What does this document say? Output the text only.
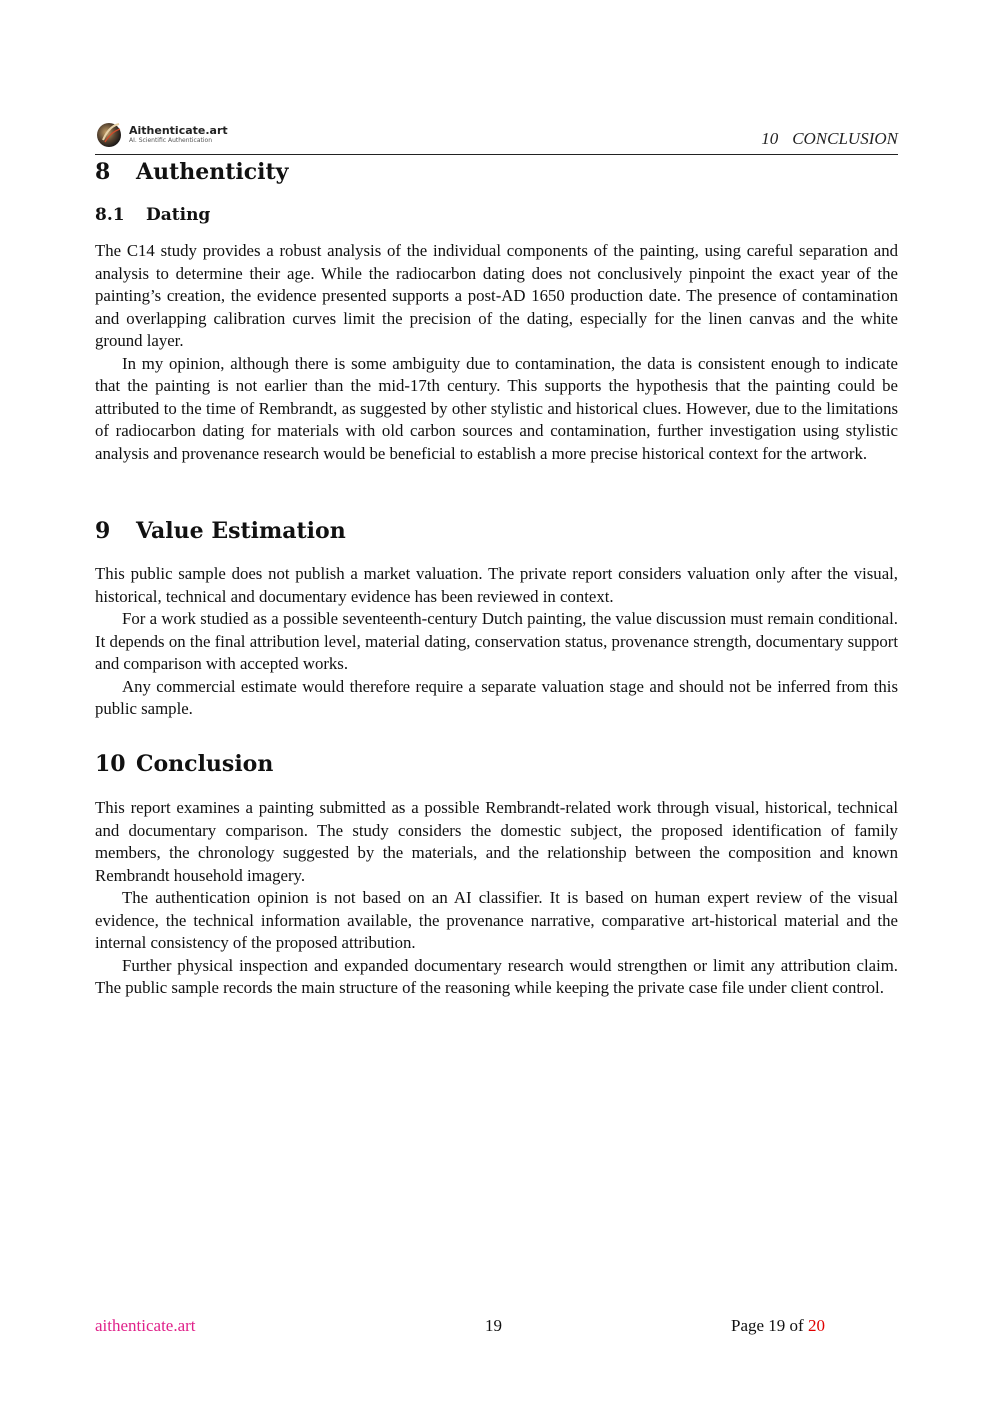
Aithenticate.art
AI. Scientific Authentication	10 CONCLUSION
8 Authenticity
8.1 Dating

The C14 study provides a robust analysis of the individual components of the painting, using careful separation and analysis to determine their age. While the radiocarbon dating does not conclusively pinpoint the exact year of the painting’s creation, the evidence presented supports a post-AD 1650 production date. The presence of contamination and overlapping calibration curves limit the precision of the dating, especially for the linen canvas and the white ground layer.

In my opinion, although there is some ambiguity due to contamination, the data is consistent enough to indicate that the painting is not earlier than the mid-17th century. This supports the hypothesis that the painting could be attributed to the time of Rembrandt, as suggested by other stylistic and historical clues. However, due to the limitations of radiocarbon dating for materials with old carbon sources and contamination, further investigation using stylistic analysis and provenance research would be beneficial to establish a more precise historical context for the artwork.

9 Value Estimation

This public sample does not publish a market valuation. The private report considers valuation only after the visual, historical, technical and documentary evidence has been reviewed in context.

For a work studied as a possible seventeenth-century Dutch painting, the value discussion must remain conditional. It depends on the final attribution level, material dating, conservation status, provenance strength, documentary support and comparison with accepted works.

Any commercial estimate would therefore require a separate valuation stage and should not be inferred from this public sample.

10 Conclusion

This report examines a painting submitted as a possible Rembrandt-related work through visual, historical, technical and documentary comparison. The study considers the domestic subject, the proposed identification of family members, the chronology suggested by the materials, and the relationship between the composition and known Rembrandt household imagery.

The authentication opinion is not based on an AI classifier. It is based on human expert review of the visual evidence, the technical information available, the provenance narrative, comparative art-historical material and the internal consistency of the proposed attribution.

Further physical inspection and expanded documentary research would strengthen or limit any attribution claim. The public sample records the main structure of the reasoning while keeping the private case file under client control.

aithenticate.art	19	Page 19 of 20
